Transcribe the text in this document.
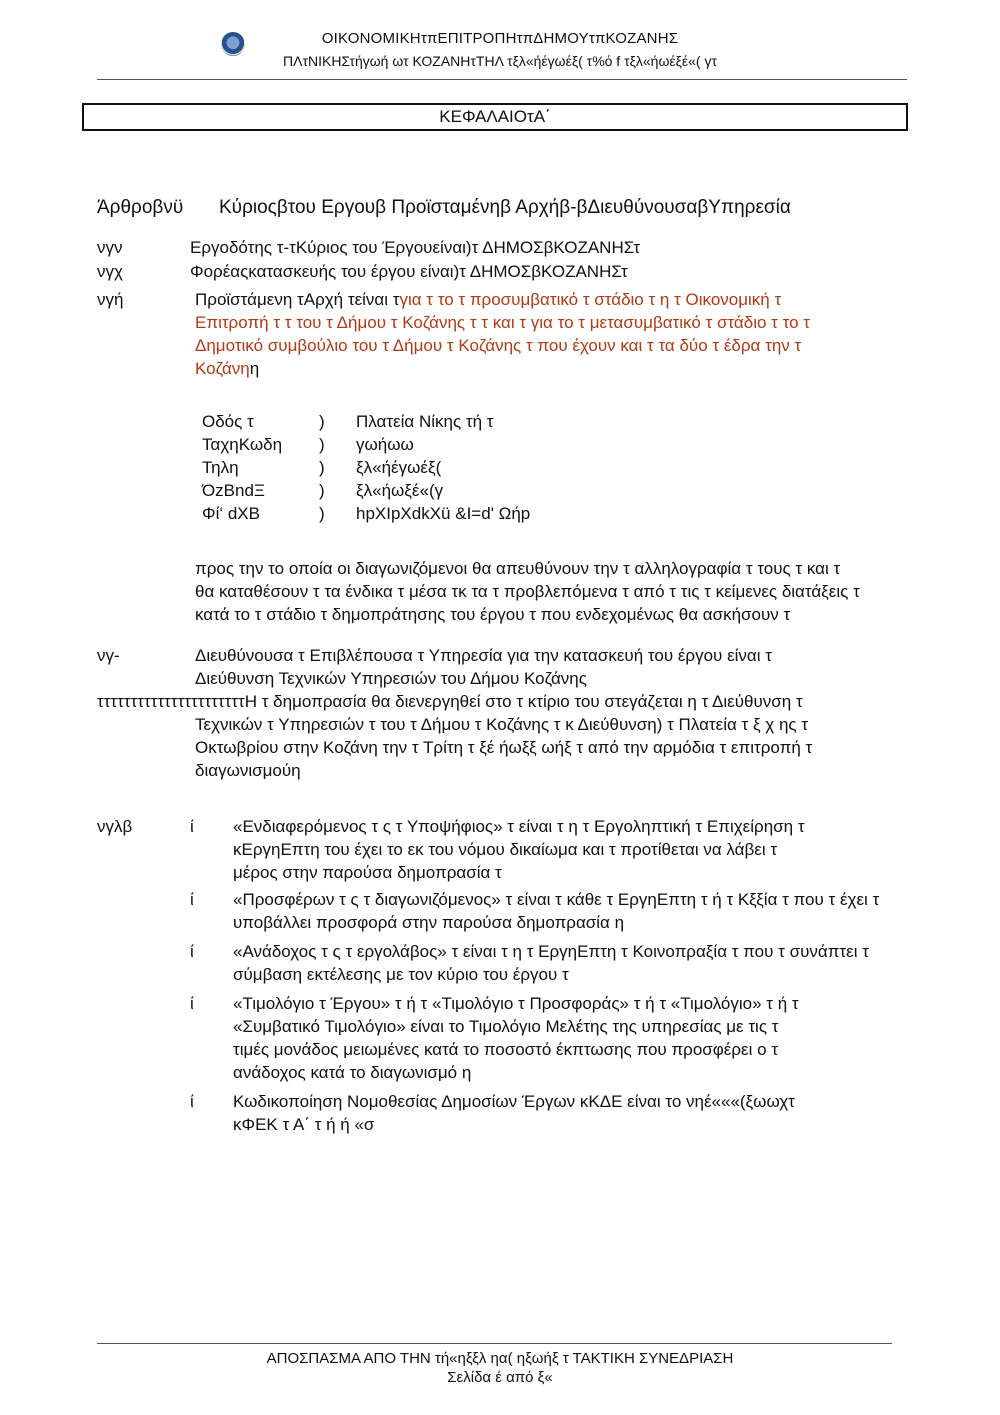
ΟΙΚΟΝΟΜΙΚΗτπΕΠΙΤΡΟΠΗτπΔΗΜΟΥτπΚΟΖΑΝΗΣ
ΠΛτΝΙΚΗΣτήγωή ωτ ΚΟΖΑΝΗτΤΗΛ τξλ«ήέγωέξ( τ%ό f τξλ«ήωέξέ«( γτ
ΚΕΦΑΛΑΙΟτΑ΄
Άρθροβνϋ Κύριοςβτου Εργουβ Προϊσταμένηβ Αρχήβ-βΔιευθύνουσαβΥπηρεσία
νγν	Εργοδότης τ-τΚύριος του Έργουείναι)τ ΔΗΜΟΣβΚΟΖΑΝΗΣτ
νγχ	Φορέαςκατασκευής του έργου είναι)τ ΔΗΜΟΣβΚΟΖΑΝΗΣτ
νγή	Προϊστάμενη τΑρχή τείναι τγια τ το τ προσυμβατικό τ στάδιο τ η τ Οικονομική τ
Επιτροπή τ τ του τ Δήμου τ Κοζάνης τ τ και τ για το τ μετασυμβατικό τ στάδιο τ το τ
Δημοτικό συμβούλιο του τ Δήμου τ Κοζάνης τ που έχουν και τ τα δύο τ έδρα την τ
Κοζάνηη
Οδός τ	)	Πλατεία Νίκης τή τ
ΤαχηΚωδη	)	γωήωω
Τηλη	)	ξλ«ήέγωέξ(
ΌzBndΞ	)	ξλ«ήωξέ«(γ
Φί‘ dXB	)	hpXΙpXdkXü &Ι=d' Ωήp
προς την το οποία οι διαγωνιζόμενοι θα απευθύνουν την τ αλληλογραφία τ τους τ και τ
θα καταθέσουν τ τα ένδικα τ μέσα τκ τα τ προβλεπόμενα τ από τ τις τ κείμενες διατάξεις τ
κατά το τ στάδιο τ δημοπράτησης του έργου τ που ενδεχομένως θα ασκήσουν τ
νγ-	Διευθύνουσα τ Επιβλέπουσα τ Υπηρεσία για την κατασκευή του έργου είναι τ
Διεύθυνση Τεχνικών Υπηρεσιών του Δήμου Κοζάνης
ττττττττττττττττττττττΗ τ δημοπρασία θα διενεργηθεί στο τ κτίριο του στεγάζεται η τ Διεύθυνση τ
Τεχνικών τ Υπηρεσιών τ του τ Δήμου τ Κοζάνης τ κ Διεύθυνση) τ Πλατεία τ ξ χ ης τ
Οκτωβρίου στην Κοζάνη την τ Τρίτη τ ξέ ήωξξ ωήξ τ από την αρμόδια τ επιτροπή τ
διαγωνισμούη
νγλβ	ί «Ενδιαφερόμενος τ ς τ Υποψήφιος» τ είναι τ η τ Εργοληπτική τ Επιχείρηση τ
κΕργηΕπτη του έχει το εκ του νόμου δικαίωμα και τ προτίθεται να λάβει τ
μέρος στην παρούσα δημοπρασία τ
ί «Προσφέρων τ ς τ διαγωνιζόμενος» τ είναι τ κάθε τ ΕργηΕπτη τ ή τ Κξξία τ που τ έχει τ
υποβάλλει προσφορά στην παρούσα δημοπρασία η
ί «Ανάδοχος τ ς τ εργολάβος» τ είναι τ η τ ΕργηΕπτη τ Κοινοπραξία τ που τ συνάπτει τ
σύμβαση εκτέλεσης με τον κύριο του έργου τ
ί «Τιμολόγιο τ Έργου» τ ή τ «Τιμολόγιο τ Προσφοράς» τ ή τ «Τιμολόγιο» τ ή τ
«Συμβατικό Τιμολόγιο» είναι το Τιμολόγιο Μελέτης της υπηρεσίας με τις τ
τιμές μονάδος μειωμένες κατά το ποσοστό έκπτωσης που προσφέρει ο τ
ανάδοχος κατά το διαγωνισμό η
ί Κωδικοποίηση Νομοθεσίας Δημοσίων Έργων κΚΔΕ είναι το νηέ«««(ξωωχτ
κΦΕΚ τ Α΄ τ ή ή «σ
ΑΠΟΣΠΑΣΜΑ ΑΠΟ ΤΗΝ τή«ηξξλ ηα( ηξωήξ τ ΤΑΚΤΙΚΗ ΣΥΝΕΔΡΙΑΣΗ
Σελίδα έ από ξ«
